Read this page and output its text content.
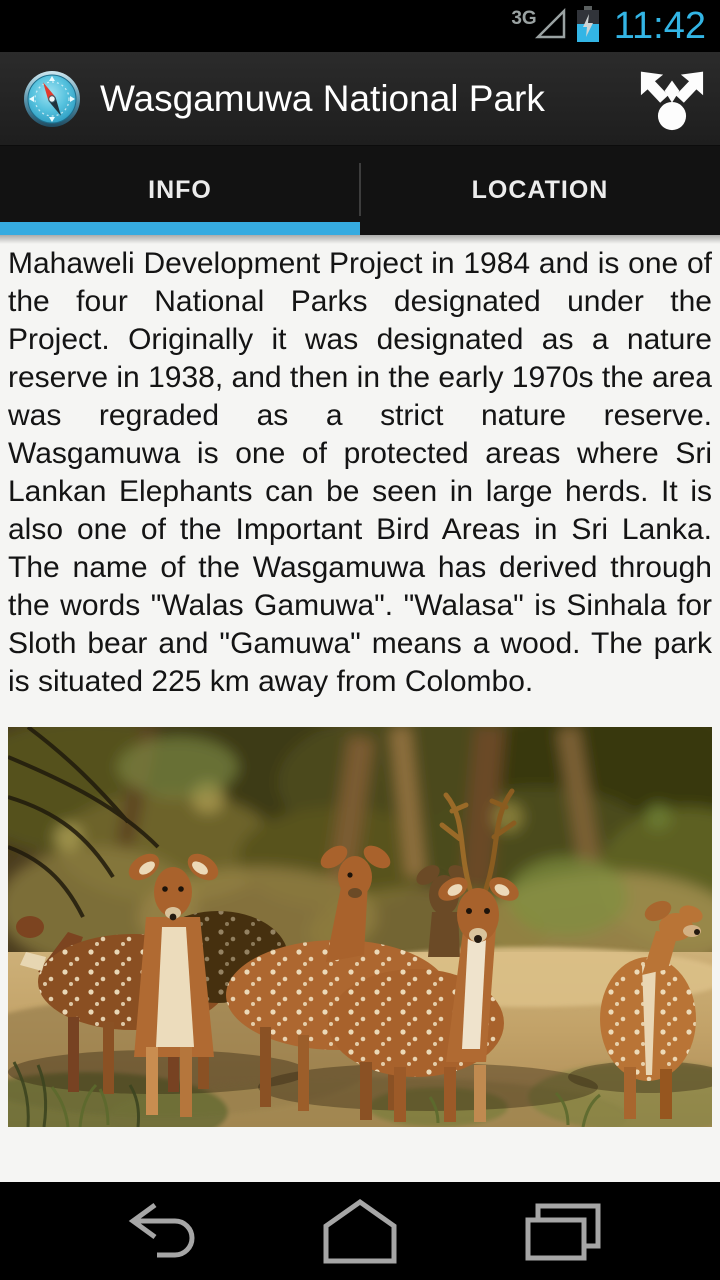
3G 11:42
Wasgamuwa National Park
INFO	LOCATION
Mahaweli Development Project in 1984 and is one of the four National Parks designated under the Project. Originally it was designated as a nature reserve in 1938, and then in the early 1970s the area was regraded as a strict nature reserve. Wasgamuwa is one of protected areas where Sri Lankan Elephants can be seen in large herds. It is also one of the Important Bird Areas in Sri Lanka. The name of the Wasgamuwa has derived through the words "Walas Gamuwa". "Walasa" is Sinhala for Sloth bear and "Gamuwa" means a wood. The park is situated 225 km away from Colombo.
